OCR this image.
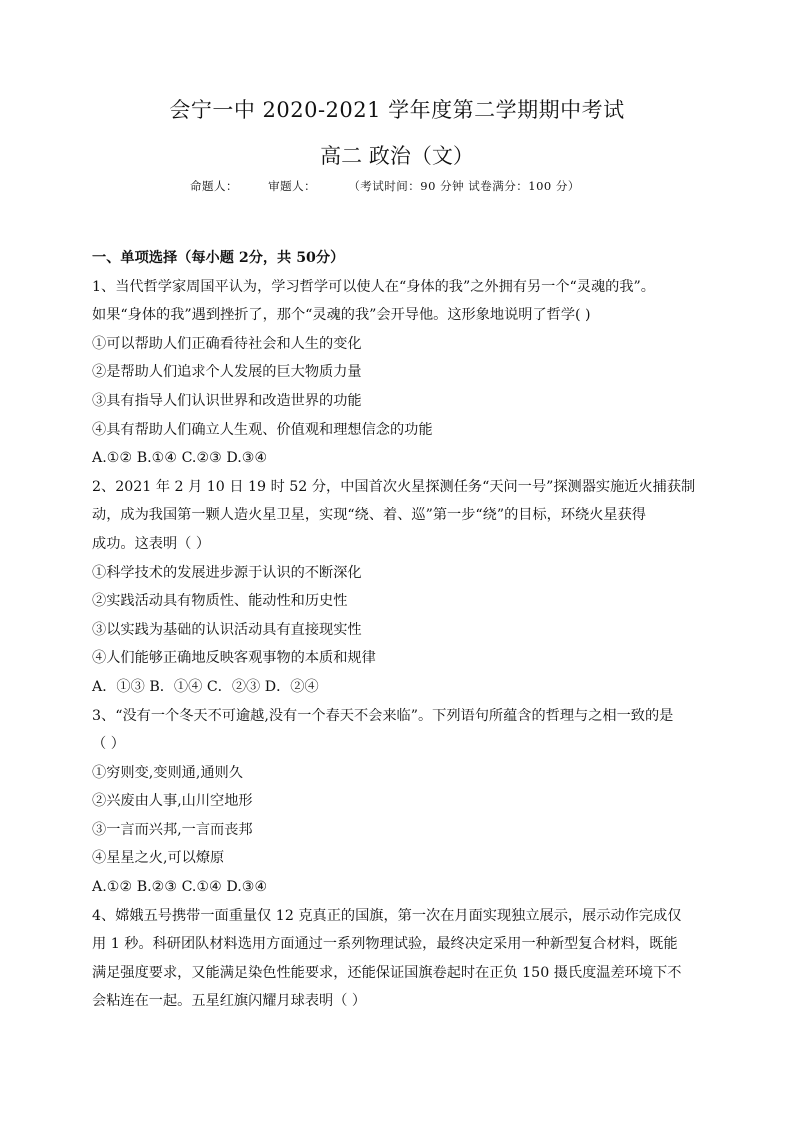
会宁一中 2020-2021 学年度第二学期期中考试
高二 政治（文）
命题人：	审题人：	（考试时间：90 分钟 试卷满分：100 分）
一、单项选择（每小题 2分，共 50分）
1、当代哲学家周国平认为，学习哲学可以使人在“身体的我”之外拥有另一个“灵魂的我”。
如果“身体的我”遇到挫折了，那个“灵魂的我”会开导他。这形象地说明了哲学( )
①可以帮助人们正确看待社会和人生的变化
②是帮助人们追求个人发展的巨大物质力量
③具有指导人们认识世界和改造世界的功能
④具有帮助人们确立人生观、价值观和理想信念的功能
A.①② B.①④ C.②③ D.③④
2、2021 年 2 月 10 日 19 时 52 分，中国首次火星探测任务“天问一号”探测器实施近火捕获制
动，成为我国第一颗人造火星卫星，实现“绕、着、巡”第一步“绕”的目标，环绕火星获得
成功。这表明（ ）
①科学技术的发展进步源于认识的不断深化
②实践活动具有物质性、能动性和历史性
③以实践为基础的认识活动具有直接现实性
④人们能够正确地反映客观事物的本质和规律
A．①③ B．①④ C．②③ D．②④
3、“没有一个冬天不可逾越,没有一个春天不会来临”。下列语句所蕴含的哲理与之相一致的是
（ ）
①穷则变,变则通,通则久
②兴废由人事,山川空地形
③一言而兴邦,一言而丧邦
④星星之火,可以燎原
A.①② B.②③ C.①④ D.③④
4、嫦娥五号携带一面重量仅 12 克真正的国旗，第一次在月面实现独立展示，展示动作完成仅
用 1 秒。科研团队材料选用方面通过一系列物理试验，最终决定采用一种新型复合材料，既能
满足强度要求，又能满足染色性能要求，还能保证国旗卷起时在正负 150 摄氏度温差环境下不
会粘连在一起。五星红旗闪耀月球表明（ ）
